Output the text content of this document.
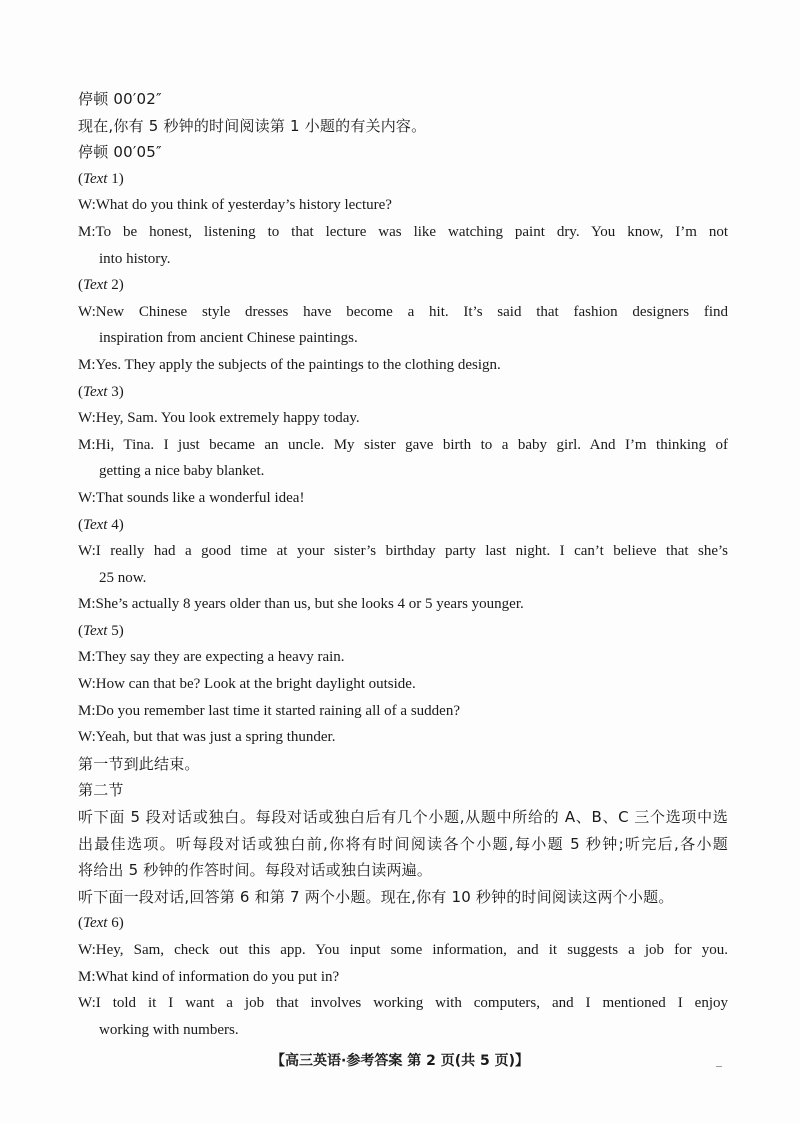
停顿 00′02″
现在,你有 5 秒钟的时间阅读第 1 小题的有关内容。
停顿 00′05″
(Text 1)
W:What do you think of yesterday’s history lecture?
M:To be honest, listening to that lecture was like watching paint dry. You know, I’m not
into history.
(Text 2)
W:New Chinese style dresses have become a hit. It’s said that fashion designers find
inspiration from ancient Chinese paintings.
M:Yes. They apply the subjects of the paintings to the clothing design.
(Text 3)
W:Hey, Sam. You look extremely happy today.
M:Hi, Tina. I just became an uncle. My sister gave birth to a baby girl. And I’m thinking of
getting a nice baby blanket.
W:That sounds like a wonderful idea!
(Text 4)
W:I really had a good time at your sister’s birthday party last night. I can’t believe that she’s
25 now.
M:She’s actually 8 years older than us, but she looks 4 or 5 years younger.
(Text 5)
M:They say they are expecting a heavy rain.
W:How can that be? Look at the bright daylight outside.
M:Do you remember last time it started raining all of a sudden?
W:Yeah, but that was just a spring thunder.
第一节到此结束。
第二节
听下面 5 段对话或独白。每段对话或独白后有几个小题,从题中所给的 A、B、C 三个选项中选
出最佳选项。听每段对话或独白前,你将有时间阅读各个小题,每小题 5 秒钟;听完后,各小题
将给出 5 秒钟的作答时间。每段对话或独白读两遍。
听下面一段对话,回答第 6 和第 7 两个小题。现在,你有 10 秒钟的时间阅读这两个小题。
(Text 6)
W:Hey, Sam, check out this app. You input some information, and it suggests a job for you.
M:What kind of information do you put in?
W:I told it I want a job that involves working with computers, and I mentioned I enjoy
working with numbers.
【高三英语·参考答案 第 2 页(共 5 页)】	–
